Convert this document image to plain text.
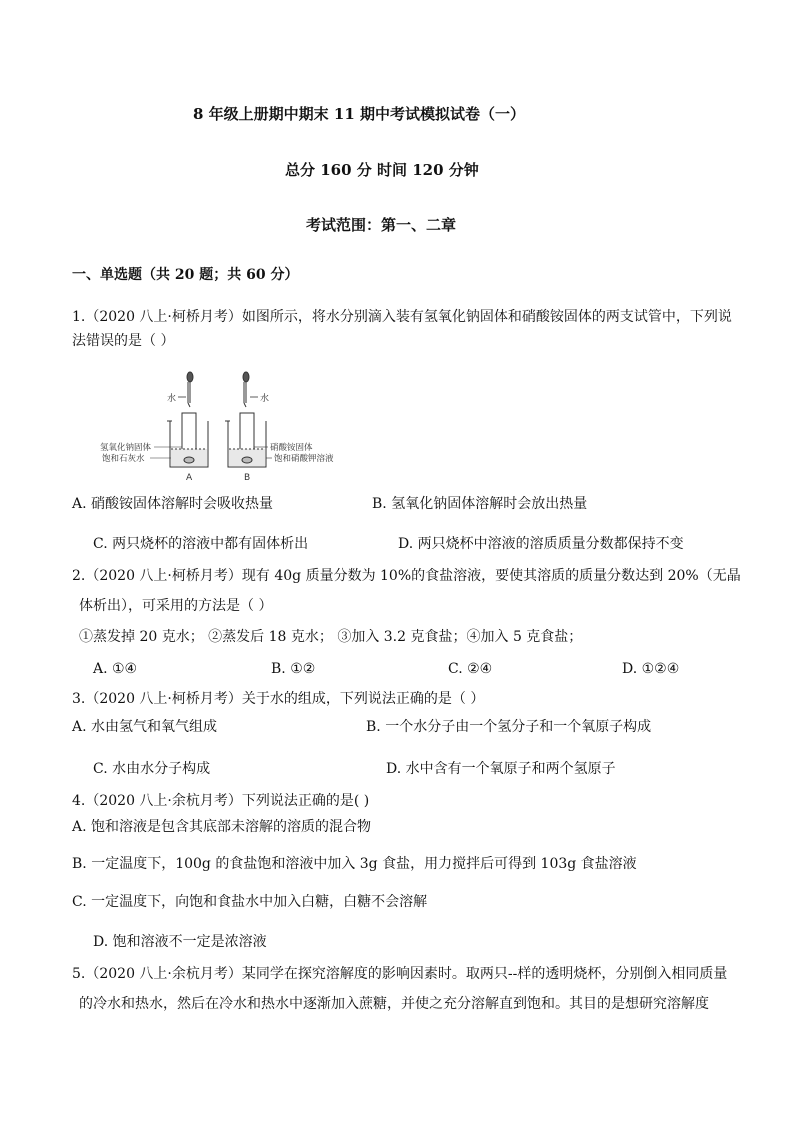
8 年级上册期中期末 11 期中考试模拟试卷（一）
总分 160 分 时间 120 分钟
考试范围：第一、二章
一、单选题（共 20 题；共 60 分）
1.（2020 八上·柯桥月考）如图所示，将水分别滴入装有氢氧化钠固体和硝酸铵固体的两支试管中，下列说
法错误的是（ ）
水	水
氢氧化钠固体
饱和石灰水
硝酸铵固体
饱和硝酸钾溶液
A	B
A. 硝酸铵固体溶解时会吸收热量	B. 氢氧化钠固体溶解时会放出热量
C. 两只烧杯的溶液中都有固体析出	D. 两只烧杯中溶液的溶质质量分数都保持不变
2.（2020 八上·柯桥月考）现有 40g 质量分数为 10%的食盐溶液，要使其溶质的质量分数达到 20%（无晶
体析出），可采用的方法是（ ）
①蒸发掉 20 克水； ②蒸发后 18 克水； ③加入 3.2 克食盐；④加入 5 克食盐；
A. ①④	B. ①②	C. ②④	D. ①②④
3.（2020 八上·柯桥月考）关于水的组成，下列说法正确的是（ ）
A. 水由氢气和氧气组成	B. 一个水分子由一个氢分子和一个氧原子构成
C. 水由水分子构成	D. 水中含有一个氧原子和两个氢原子
4.（2020 八上·余杭月考）下列说法正确的是( )
A. 饱和溶液是包含其底部未溶解的溶质的混合物
B. 一定温度下，100g 的食盐饱和溶液中加入 3g 食盐，用力搅拌后可得到 103g 食盐溶液
C. 一定温度下，向饱和食盐水中加入白糖，白糖不会溶解
D. 饱和溶液不一定是浓溶液
5.（2020 八上·余杭月考）某同学在探究溶解度的影响因素时。取两只--样的透明烧杯，分别倒入相同质量
的冷水和热水，然后在冷水和热水中逐渐加入蔗糖，并使之充分溶解直到饱和。其目的是想研究溶解度
